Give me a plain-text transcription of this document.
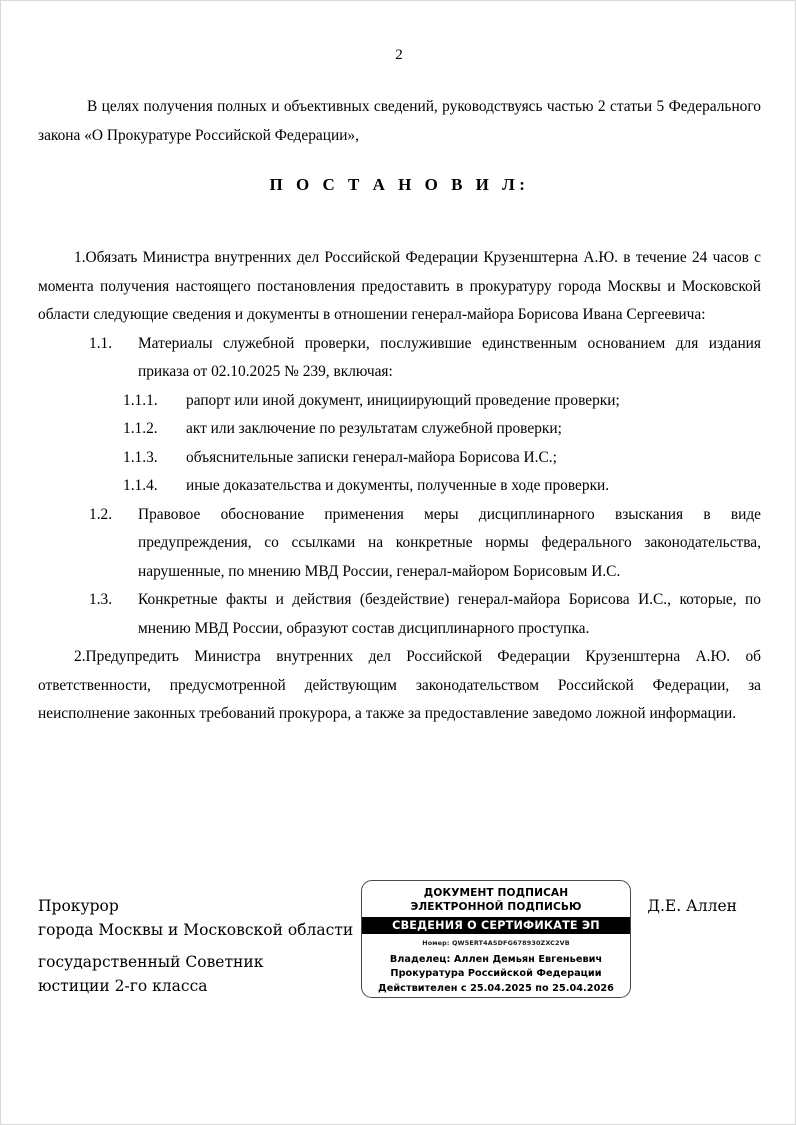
2

В целях получения полных и объективных сведений, руководствуясь частью 2 статьи 5 Федерального закона «О Прокуратуре Российской Федерации»,

П О С Т А Н О В И Л:

1.Обязать Министра внутренних дел Российской Федерации Крузенштерна А.Ю. в течение 24 часов с момента получения настоящего постановления предоставить в прокуратуру города Москвы и Московской области следующие сведения и документы в отношении генерал-майора Борисова Ивана Сергеевича:

1.1. Материалы служебной проверки, послужившие единственным основанием для издания приказа от 02.10.2025 № 239, включая:
1.1.1. рапорт или иной документ, инициирующий проведение проверки;
1.1.2. акт или заключение по результатам служебной проверки;
1.1.3. объяснительные записки генерал-майора Борисова И.С.;
1.1.4. иные доказательства и документы, полученные в ходе проверки.
1.2. Правовое обоснование применения меры дисциплинарного взыскания в виде предупреждения, со ссылками на конкретные нормы федерального законодательства, нарушенные, по мнению МВД России, генерал-майором Борисовым И.С.
1.3. Конкретные факты и действия (бездействие) генерал-майора Борисова И.С., которые, по мнению МВД России, образуют состав дисциплинарного проступка.

2.Предупредить Министра внутренних дел Российской Федерации Крузенштерна А.Ю. об ответственности, предусмотренной действующим законодательством Российской Федерации, за неисполнение законных требований прокурора, а также за предоставление заведомо ложной информации.

Прокурор
города Москвы и Московской области
государственный Советник
юстиции 2-го класса
Д.Е. Аллен
ДОКУМЕНТ ПОДПИСАН
ЭЛЕКТРОННОЙ ПОДПИСЬЮ
СВЕДЕНИЯ О СЕРТИФИКАТЕ ЭП
Номер: QW5ERT4ASDFG678930ZXC2VB
Владелец: Аллен Демьян Евгеньевич
Прокуратура Российской Федерации
Действителен с 25.04.2025 по 25.04.2026
